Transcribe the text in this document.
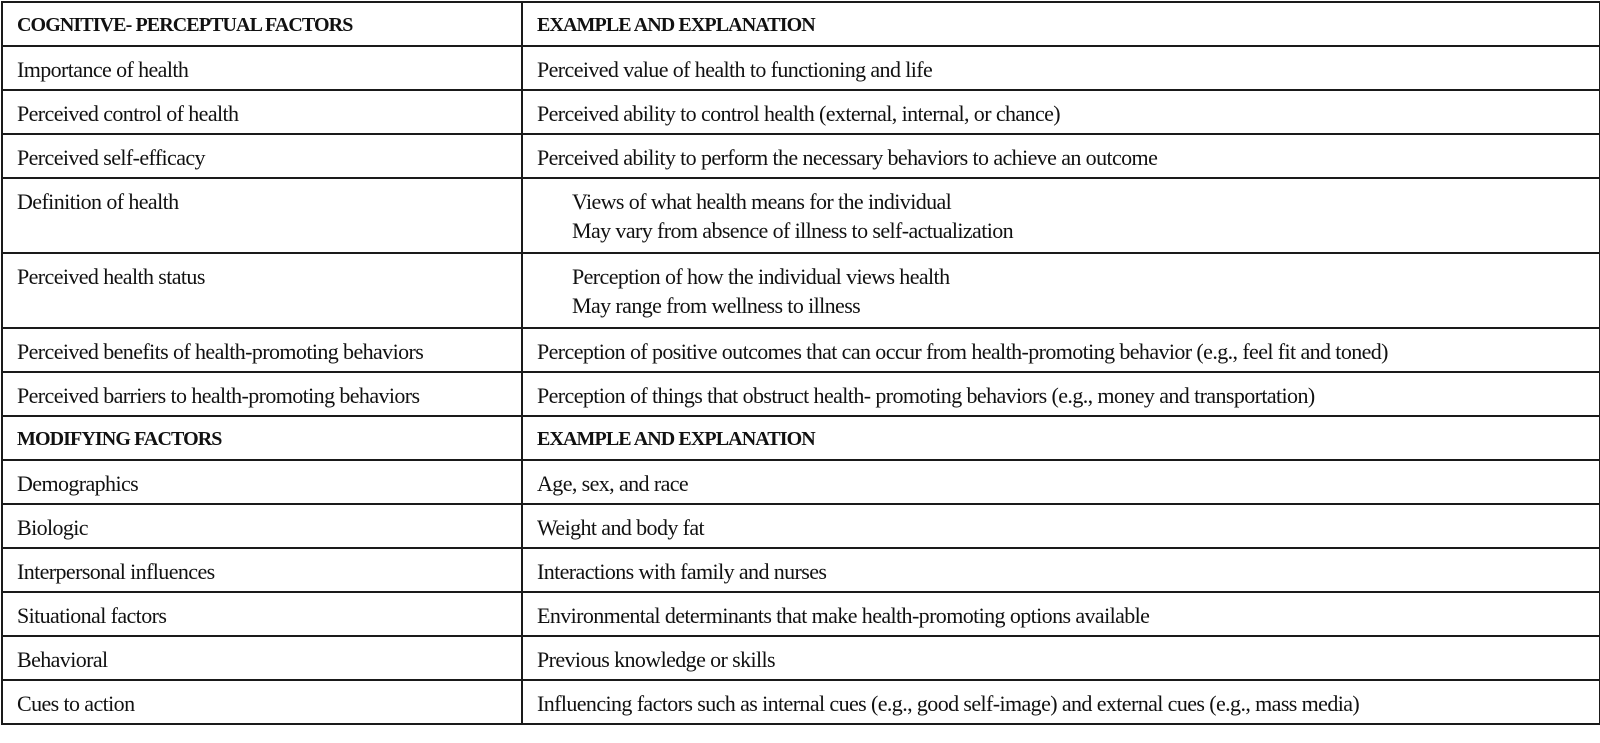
COGNITIVE- PERCEPTUAL FACTORS	EXAMPLE AND EXPLANATION
Importance of health	Perceived value of health to functioning and life
Perceived control of health	Perceived ability to control health (external, internal, or chance)
Perceived self-efficacy	Perceived ability to perform the necessary behaviors to achieve an outcome
Definition of health	Views of what health means for the individual
May vary from absence of illness to self-actualization

Perceived health status	Perception of how the individual views health
May range from wellness to illness

Perceived benefits of health-promoting behaviors	Perception of positive outcomes that can occur from health-promoting behavior (e.g., feel fit and toned)
Perceived barriers to health-promoting behaviors	Perception of things that obstruct health- promoting behaviors (e.g., money and transportation)
MODIFYING FACTORS	EXAMPLE AND EXPLANATION
Demographics	Age, sex, and race
Biologic	Weight and body fat
Interpersonal influences	Interactions with family and nurses
Situational factors	Environmental determinants that make health-promoting options available
Behavioral	Previous knowledge or skills
Cues to action	Influencing factors such as internal cues (e.g., good self-image) and external cues (e.g., mass media)
